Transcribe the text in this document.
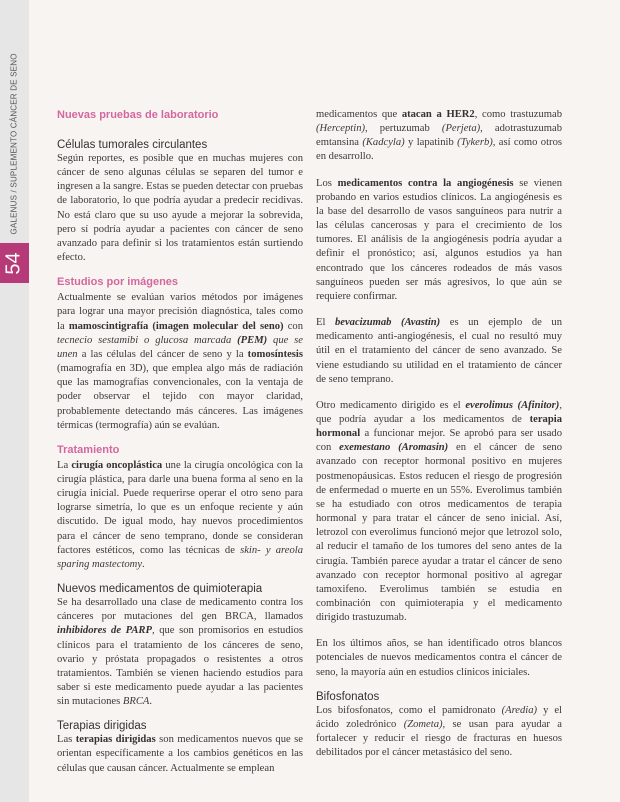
GALENUS / SUPLEMENTO CÁNCER DE SENO
54
Nuevas pruebas de laboratorio
Células tumorales circulantes

Según reportes, es posible que en muchas mujeres con cáncer de seno algunas células se separen del tumor e ingresen a la sangre. Estas se pueden detectar con pruebas de laboratorio, lo que podría ayudar a predecir recidivas. No está claro que su uso ayude a mejorar la sobrevida, pero sí podría ayudar a pacientes con cáncer de seno avanzado para definir si los tratamientos están surtiendo efecto.

Estudios por imágenes

Actualmente se evalúan varios métodos por imágenes para lograr una mayor precisión diagnóstica, tales como la mamoscintigrafía (imagen molecular del seno) con tecnecio sestamibi o glucosa marcada (PEM) que se unen a las células del cáncer de seno y la tomosíntesis (mamografía en 3D), que emplea algo más de radiación que las mamografías convencionales, con la ventaja de poder observar el tejido con mayor claridad, probablemente detectando más cánceres. Las imágenes térmicas (termografía) aún se evalúan.

Tratamiento

La cirugía oncoplástica une la cirugía oncológica con la cirugía plástica, para darle una buena forma al seno en la cirugía inicial. Puede requerirse operar el otro seno para lograrse simetría, lo que es un enfoque reciente y aún discutido. De igual modo, hay nuevos procedimientos para el cáncer de seno temprano, donde se consideran factores estéticos, como las técnicas de skin- y areola sparing mastectomy.

Nuevos medicamentos de quimioterapia

Se ha desarrollado una clase de medicamento contra los cánceres por mutaciones del gen BRCA, llamados inhibidores de PARP, que son promisorios en estudios clínicos para el tratamiento de los cánceres de seno, ovario y próstata propagados o resistentes a otros tratamientos. También se vienen haciendo estudios para saber si este medicamento puede ayudar a las pacientes sin mutaciones BRCA.

Terapias dirigidas

Las terapias dirigidas son medicamentos nuevos que se orientan específicamente a los cambios genéticos en las células que causan cáncer. Actualmente se emplean

medicamentos que atacan a HER2, como trastuzumab (Herceptin), pertuzumab (Perjeta), adotrastuzumab emtansina (Kadcyla) y lapatinib (Tykerb), así como otros en desarrollo.

Los medicamentos contra la angiogénesis se vienen probando en varios estudios clínicos. La angiogénesis es la base del desarrollo de vasos sanguíneos para nutrir a las células cancerosas y para el crecimiento de los tumores. El análisis de la angiogénesis podría ayudar a definir el pronóstico; así, algunos estudios ya han encontrado que los cánceres rodeados de más vasos sanguíneos pueden ser más agresivos, lo que aún se requiere confirmar.

El bevacizumab (Avastin) es un ejemplo de un medicamento anti-angiogénesis, el cual no resultó muy útil en el tratamiento del cáncer de seno avanzado. Se viene estudiando su utilidad en el tratamiento de cáncer de seno temprano.

Otro medicamento dirigido es el everolimus (Afinitor), que podría ayudar a los medicamentos de terapia hormonal a funcionar mejor. Se aprobó para ser usado con exemestano (Aromasin) en el cáncer de seno avanzado con receptor hormonal positivo en mujeres postmenopáusicas. Estos reducen el riesgo de progresión de enfermedad o muerte en un 55%. Everolimus también se ha estudiado con otros medicamentos de terapia hormonal y para tratar el cáncer de seno inicial. Así, letrozol con everolimus funcionó mejor que letrozol solo, al reducir el tamaño de los tumores del seno antes de la cirugía. También parece ayudar a tratar el cáncer de seno avanzado con receptor hormonal positivo al agregar tamoxifeno. Everolimus también se estudia en combinación con quimioterapia y el medicamento dirigido trastuzumab.

En los últimos años, se han identificado otros blancos potenciales de nuevos medicamentos contra el cáncer de seno, la mayoría aún en estudios clínicos iniciales.

Bifosfonatos

Los bifosfonatos, como el pamidronato (Aredia) y el ácido zoledrónico (Zometa), se usan para ayudar a fortalecer y reducir el riesgo de fracturas en huesos debilitados por el cáncer metastásico del seno.
